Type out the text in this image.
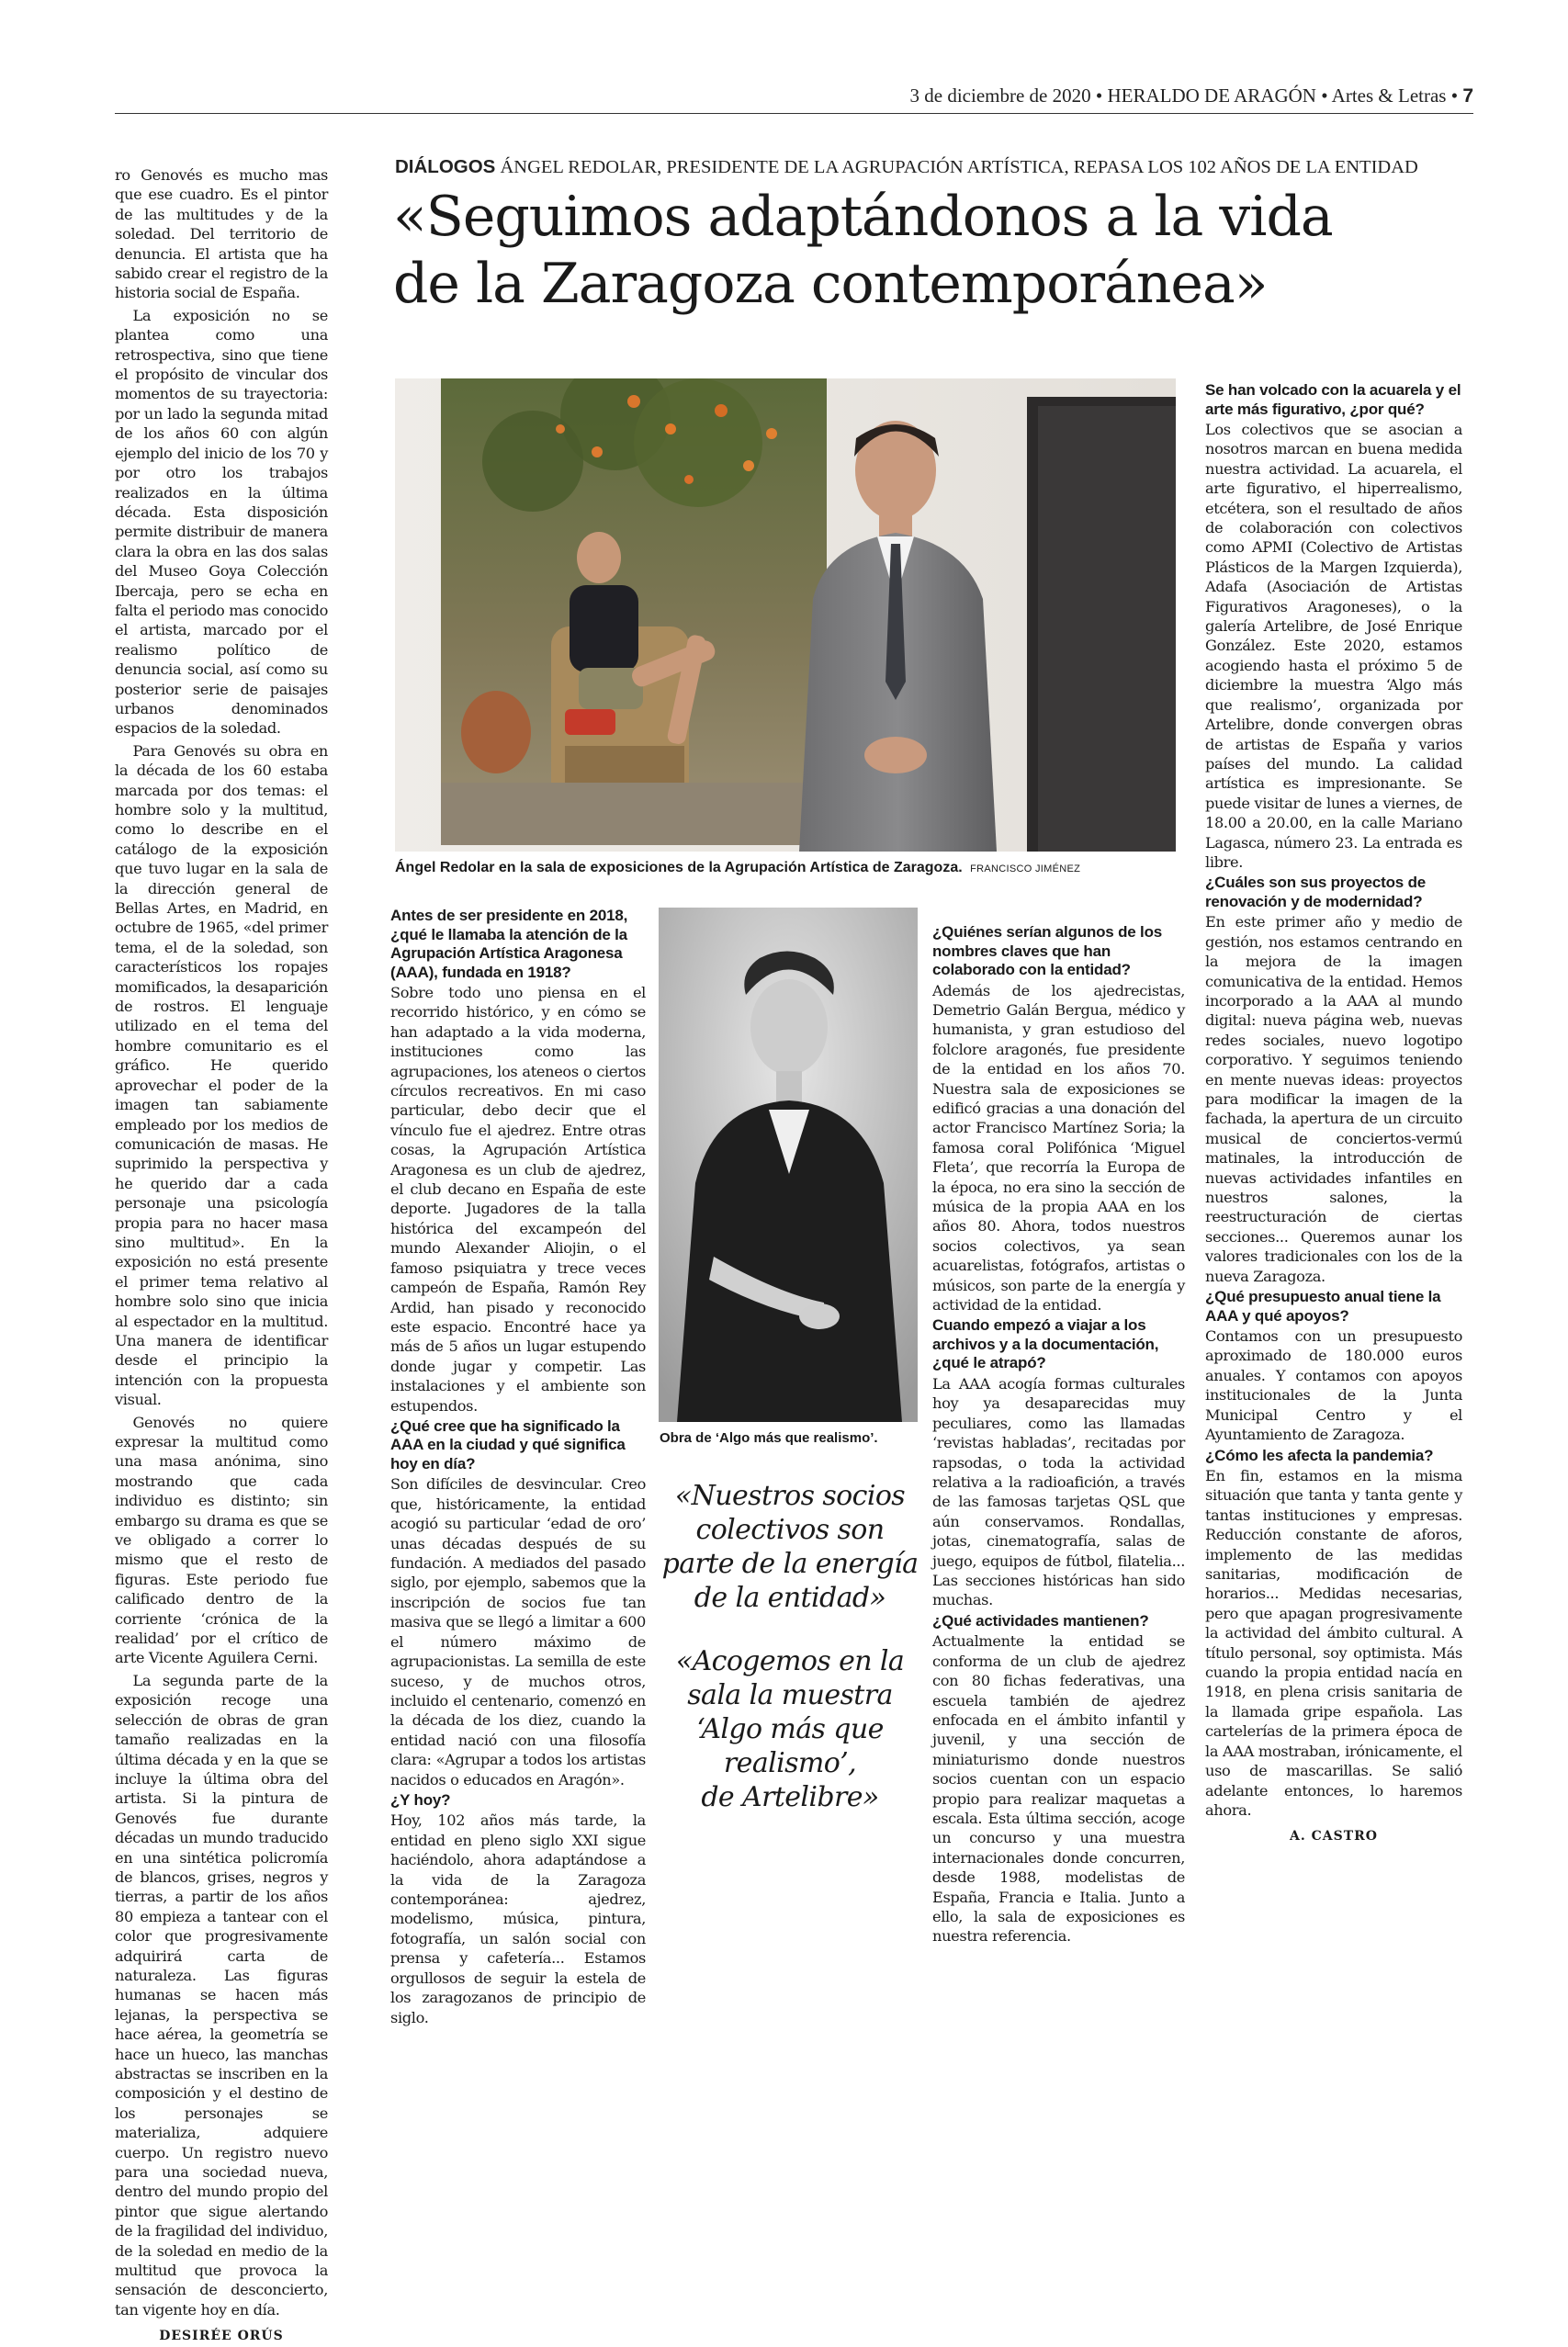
3 de diciembre de 2020 • HERALDO DE ARAGÓN • Artes & Letras • 7

ro Genovés es mucho mas que ese cuadro. Es el pintor de las multitudes y de la soledad. Del territorio de denuncia. El artista que ha sabido crear el registro de la historia social de España.

La exposición no se plantea como una retrospectiva, sino que tiene el propósito de vincular dos momentos de su trayectoria: por un lado la segunda mitad de los años 60 con algún ejemplo del inicio de los 70 y por otro los trabajos realizados en la última década. Esta disposición permite distribuir de manera clara la obra en las dos salas del Museo Goya Colección Ibercaja, pero se echa en falta el periodo mas conocido el artista, marcado por el realismo político de denuncia social, así como su posterior serie de paisajes urbanos denominados espacios de la soledad.

Para Genovés su obra en la década de los 60 estaba marcada por dos temas: el hombre solo y la multitud, como lo describe en el catálogo de la exposición que tuvo lugar en la sala de la dirección general de Bellas Artes, en Madrid, en octubre de 1965, «del primer tema, el de la soledad, son característicos los ropajes momificados, la desaparición de rostros. El lenguaje utilizado en el tema del hombre comunitario es el gráfico. He querido aprovechar el poder de la imagen tan sabiamente empleado por los medios de comunicación de masas. He suprimido la perspectiva y he querido dar a cada personaje una psicología propia para no hacer masa sino multitud». En la exposición no está presente el primer tema relativo al hombre solo sino que inicia al espectador en la multitud. Una manera de identificar desde el principio la intención con la propuesta visual.

Genovés no quiere expresar la multitud como una masa anónima, sino mostrando que cada individuo es distinto; sin embargo su drama es que se ve obligado a correr lo mismo que el resto de figuras. Este periodo fue calificado dentro de la corriente ‘crónica de la realidad’ por el crítico de arte Vicente Aguilera Cerni.

La segunda parte de la exposición recoge una selección de obras de gran tamaño realizadas en la última década y en la que se incluye la última obra del artista. Si la pintura de Genovés fue durante décadas un mundo traducido en una sintética policromía de blancos, grises, negros y tierras, a partir de los años 80 empieza a tantear con el color que progresivamente adquirirá carta de naturaleza. Las figuras humanas se hacen más lejanas, la perspectiva se hace aérea, la geometría se hace un hueco, las manchas abstractas se inscriben en la composición y el destino de los personajes se materializa, adquiere cuerpo. Un registro nuevo para una sociedad nueva, dentro del mundo propio del pintor que sigue alertando de la fragilidad del individuo, de la soledad en medio de la multitud que provoca la sensación de desconcierto, tan vigente hoy en día.

DESIRÉE ORÚS
DIÁLOGOS ÁNGEL REDOLAR, PRESIDENTE DE LA AGRUPACIÓN ARTÍSTICA, REPASA LOS 102 AÑOS DE LA ENTIDAD
«Seguimos adaptándonos a la vida
de la Zaragoza contemporánea»
Ángel Redolar en la sala de exposiciones de la Agrupación Artística de Zaragoza. FRANCISCO JIMÉNEZ
Antes de ser presidente en 2018, ¿qué le llamaba la atención de la Agrupación Artística Aragonesa (AAA), fundada en 1918?
Sobre todo uno piensa en el recorrido histórico, y en cómo se han adaptado a la vida moderna, instituciones como las agrupaciones, los ateneos o ciertos círculos recreativos. En mi caso particular, debo decir que el vínculo fue el ajedrez. Entre otras cosas, la Agrupación Artística Aragonesa es un club de ajedrez, el club decano en España de este deporte. Jugadores de la talla histórica del excampeón del mundo Alexander Aliojin, o el famoso psiquiatra y trece veces campeón de España, Ramón Rey Ardid, han pisado y reconocido este espacio. Encontré hace ya más de 5 años un lugar estupendo donde jugar y competir. Las instalaciones y el ambiente son estupendos.
¿Qué cree que ha significado la AAA en la ciudad y qué significa hoy en día?
Son difíciles de desvincular. Creo que, históricamente, la entidad acogió su particular ‘edad de oro’ unas décadas después de su fundación. A mediados del pasado siglo, por ejemplo, sabemos que la inscripción de socios fue tan masiva que se llegó a limitar a 600 el número máximo de agrupacionistas. La semilla de este suceso, y de muchos otros, incluido el centenario, comenzó en la década de los diez, cuando la entidad nació con una filosofía clara: «Agrupar a todos los artistas nacidos o educados en Aragón».
¿Y hoy?
Hoy, 102 años más tarde, la entidad en pleno siglo XXI sigue haciéndolo, ahora adaptándose a la vida de la Zaragoza contemporánea: ajedrez, modelismo, música, pintura, fotografía, un salón social con prensa y cafetería... Estamos orgullosos de seguir la estela de los zaragozanos de principio de siglo.
Obra de ‘Algo más que realismo’.
«Nuestros socios colectivos son parte de la energía de la entidad»
«Acogemos en la sala la muestra ‘Algo más que realismo’,
de Artelibre»
¿Quiénes serían algunos de los nombres claves que han colaborado con la entidad?
Además de los ajedrecistas, Demetrio Galán Bergua, médico y humanista, y gran estudioso del folclore aragonés, fue presidente de la entidad en los años 70. Nuestra sala de exposiciones se edificó gracias a una donación del actor Francisco Martínez Soria; la famosa coral Polifónica ‘Miguel Fleta’, que recorría la Europa de la época, no era sino la sección de música de la propia AAA en los años 80. Ahora, todos nuestros socios colectivos, ya sean acuarelistas, fotógrafos, artistas o músicos, son parte de la energía y actividad de la entidad.
Cuando empezó a viajar a los archivos y a la documentación, ¿qué le atrapó?
La AAA acogía formas culturales hoy ya desaparecidas muy peculiares, como las llamadas ‘revistas habladas’, recitadas por rapsodas, o toda la actividad relativa a la radioafición, a través de las famosas tarjetas QSL que aún conservamos. Rondallas, jotas, cinematografía, salas de juego, equipos de fútbol, filatelia... Las secciones históricas han sido muchas.
¿Qué actividades mantienen?
Actualmente la entidad se conforma de un club de ajedrez con 80 fichas federativas, una escuela también de ajedrez enfocada en el ámbito infantil y juvenil, y una sección de miniaturismo donde nuestros socios cuentan con un espacio propio para realizar maquetas a escala. Esta última sección, acoge un concurso y una muestra internacionales donde concurren, desde 1988, modelistas de España, Francia e Italia. Junto a ello, la sala de exposiciones es nuestra referencia.
Se han volcado con la acuarela y el arte más figurativo, ¿por qué?
Los colectivos que se asocian a nosotros marcan en buena medida nuestra actividad. La acuarela, el arte figurativo, el hiperrealismo, etcétera, son el resultado de años de colaboración con colectivos como APMI (Colectivo de Artistas Plásticos de la Margen Izquierda), Adafa (Asociación de Artistas Figurativos Aragoneses), o la galería Artelibre, de José Enrique González. Este 2020, estamos acogiendo hasta el próximo 5 de diciembre la muestra ‘Algo más que realismo’, organizada por Artelibre, donde convergen obras de artistas de España y varios países del mundo. La calidad artística es impresionante. Se puede visitar de lunes a viernes, de 18.00 a 20.00, en la calle Mariano Lagasca, número 23. La entrada es libre.
¿Cuáles son sus proyectos de renovación y de modernidad?
En este primer año y medio de gestión, nos estamos centrando en la mejora de la imagen comunicativa de la entidad. Hemos incorporado a la AAA al mundo digital: nueva página web, nuevas redes sociales, nuevo logotipo corporativo. Y seguimos teniendo en mente nuevas ideas: proyectos para modificar la imagen de la fachada, la apertura de un circuito musical de conciertos-vermú matinales, la introducción de nuevas actividades infantiles en nuestros salones, la reestructuración de ciertas secciones... Queremos aunar los valores tradicionales con los de la nueva Zaragoza.
¿Qué presupuesto anual tiene la AAA y qué apoyos?
Contamos con un presupuesto aproximado de 180.000 euros anuales. Y contamos con apoyos institucionales de la Junta Municipal Centro y el Ayuntamiento de Zaragoza.
¿Cómo les afecta la pandemia?
En fin, estamos en la misma situación que tanta y tanta gente y tantas instituciones y empresas. Reducción constante de aforos, implemento de las medidas sanitarias, modificación de horarios... Medidas necesarias, pero que apagan progresivamente la actividad del ámbito cultural. A título personal, soy optimista. Más cuando la propia entidad nacía en 1918, en plena crisis sanitaria de la llamada gripe española. Las cartelerías de la primera época de la AAA mostraban, irónicamente, el uso de mascarillas. Se salió adelante entonces, lo haremos ahora.
A. CASTRO
